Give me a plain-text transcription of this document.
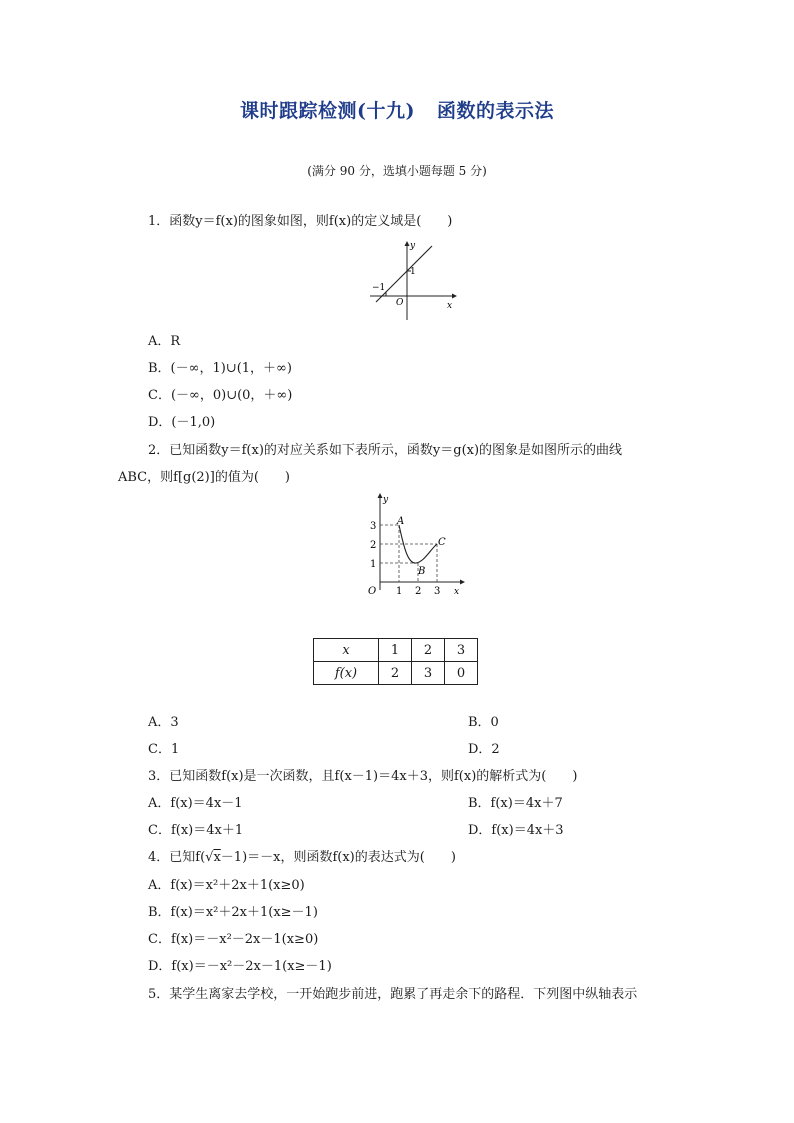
课时跟踪检测(十九) 函数的表示法
(满分 90 分，选填小题每题 5 分)
1．函数y＝f(x)的图象如图，则f(x)的定义域是(　　)
y
x
O
−1
1
A．R
B．(－∞，1)∪(1，＋∞)
C．(－∞，0)∪(0，＋∞)
D．(－1,0)
2．已知函数y＝f(x)的对应关系如下表所示，函数y＝g(x)的图象是如图所示的曲线
ABC，则f[g(2)]的值为(　　)
y
x
O
A
B
C
3
2
1
1 2 3
x	1	2	3
f(x)	2	3	0
A．3	B．0
C．1	D．2
3．已知函数f(x)是一次函数，且f(x－1)＝4x＋3，则f(x)的解析式为(　　)
A．f(x)＝4x－1	B．f(x)＝4x＋7
C．f(x)＝4x＋1	D．f(x)＝4x＋3
4．已知f(√x－1)＝－x，则函数f(x)的表达式为(　　)
A．f(x)＝x²＋2x＋1(x≥0)
B．f(x)＝x²＋2x＋1(x≥－1)
C．f(x)＝－x²－2x－1(x≥0)
D．f(x)＝－x²－2x－1(x≥－1)
5．某学生离家去学校，一开始跑步前进，跑累了再走余下的路程．下列图中纵轴表示
